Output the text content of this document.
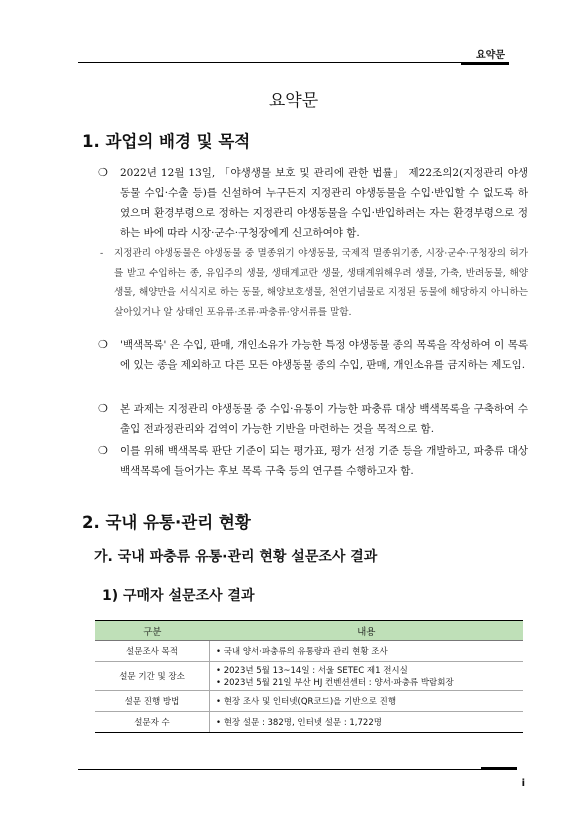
요약문
요약문
1. 과업의 배경 및 목적
❍ 2022년 12월 13일, 「야생생물 보호 및 관리에 관한 법률」 제22조의2(지정관리 야생동물 수입·수출 등)를 신설하여 누구든지 지정관리 야생동물을 수입·반입할 수 없도록 하였으며 환경부령으로 정하는 지정관리 야생동물을 수입·반입하려는 자는 환경부령으로 정하는 바에 따라 시장·군수·구청장에게 신고하여야 함.
- 지정관리 야생동물은 야생동물 중 멸종위기 야생동물, 국제적 멸종위기종, 시장·군수·구청장의 허가를 받고 수입하는 종, 유입주의 생물, 생태계교란 생물, 생태계위해우려 생물, 가축, 반려동물, 해양생물, 해양만을 서식지로 하는 동물, 해양보호생물, 천연기념물로 지정된 동물에 해당하지 아니하는 살아있거나 알 상태인 포유류·조류·파충류·양서류를 말함.
❍ '백색목록' 은 수입, 판매, 개인소유가 가능한 특정 야생동물 종의 목록을 작성하여 이 목록에 있는 종을 제외하고 다른 모든 야생동물 종의 수입, 판매, 개인소유를 금지하는 제도임.
❍ 본 과제는 지정관리 야생동물 중 수입·유통이 가능한 파충류 대상 백색목록을 구축하여 수출입 전과정관리와 검역이 가능한 기반을 마련하는 것을 목적으로 함.
❍ 이를 위해 백색목록 판단 기준이 되는 평가표, 평가 선정 기준 등을 개발하고, 파충류 대상 백색목록에 들어가는 후보 목록 구축 등의 연구를 수행하고자 함.
2. 국내 유통·관리 현황
가. 국내 파충류 유통·관리 현황 설문조사 결과
1) 구매자 설문조사 결과
구분	내용
설문조사 목적	• 국내 양서·파충류의 유통량과 관리 현황 조사

설문 기간 및 장소	• 2023년 5월 13~14일 : 서울 SETEC 제1 전시실
• 2023년 5월 21일 부산 HJ 컨벤션센터 : 양서·파충류 박람회장

설문 진행 방법	• 현장 조사 및 인터넷(QR코드)을 기반으로 진행

설문자 수	• 현장 설문 : 382명, 인터넷 설문 : 1,722명
i
